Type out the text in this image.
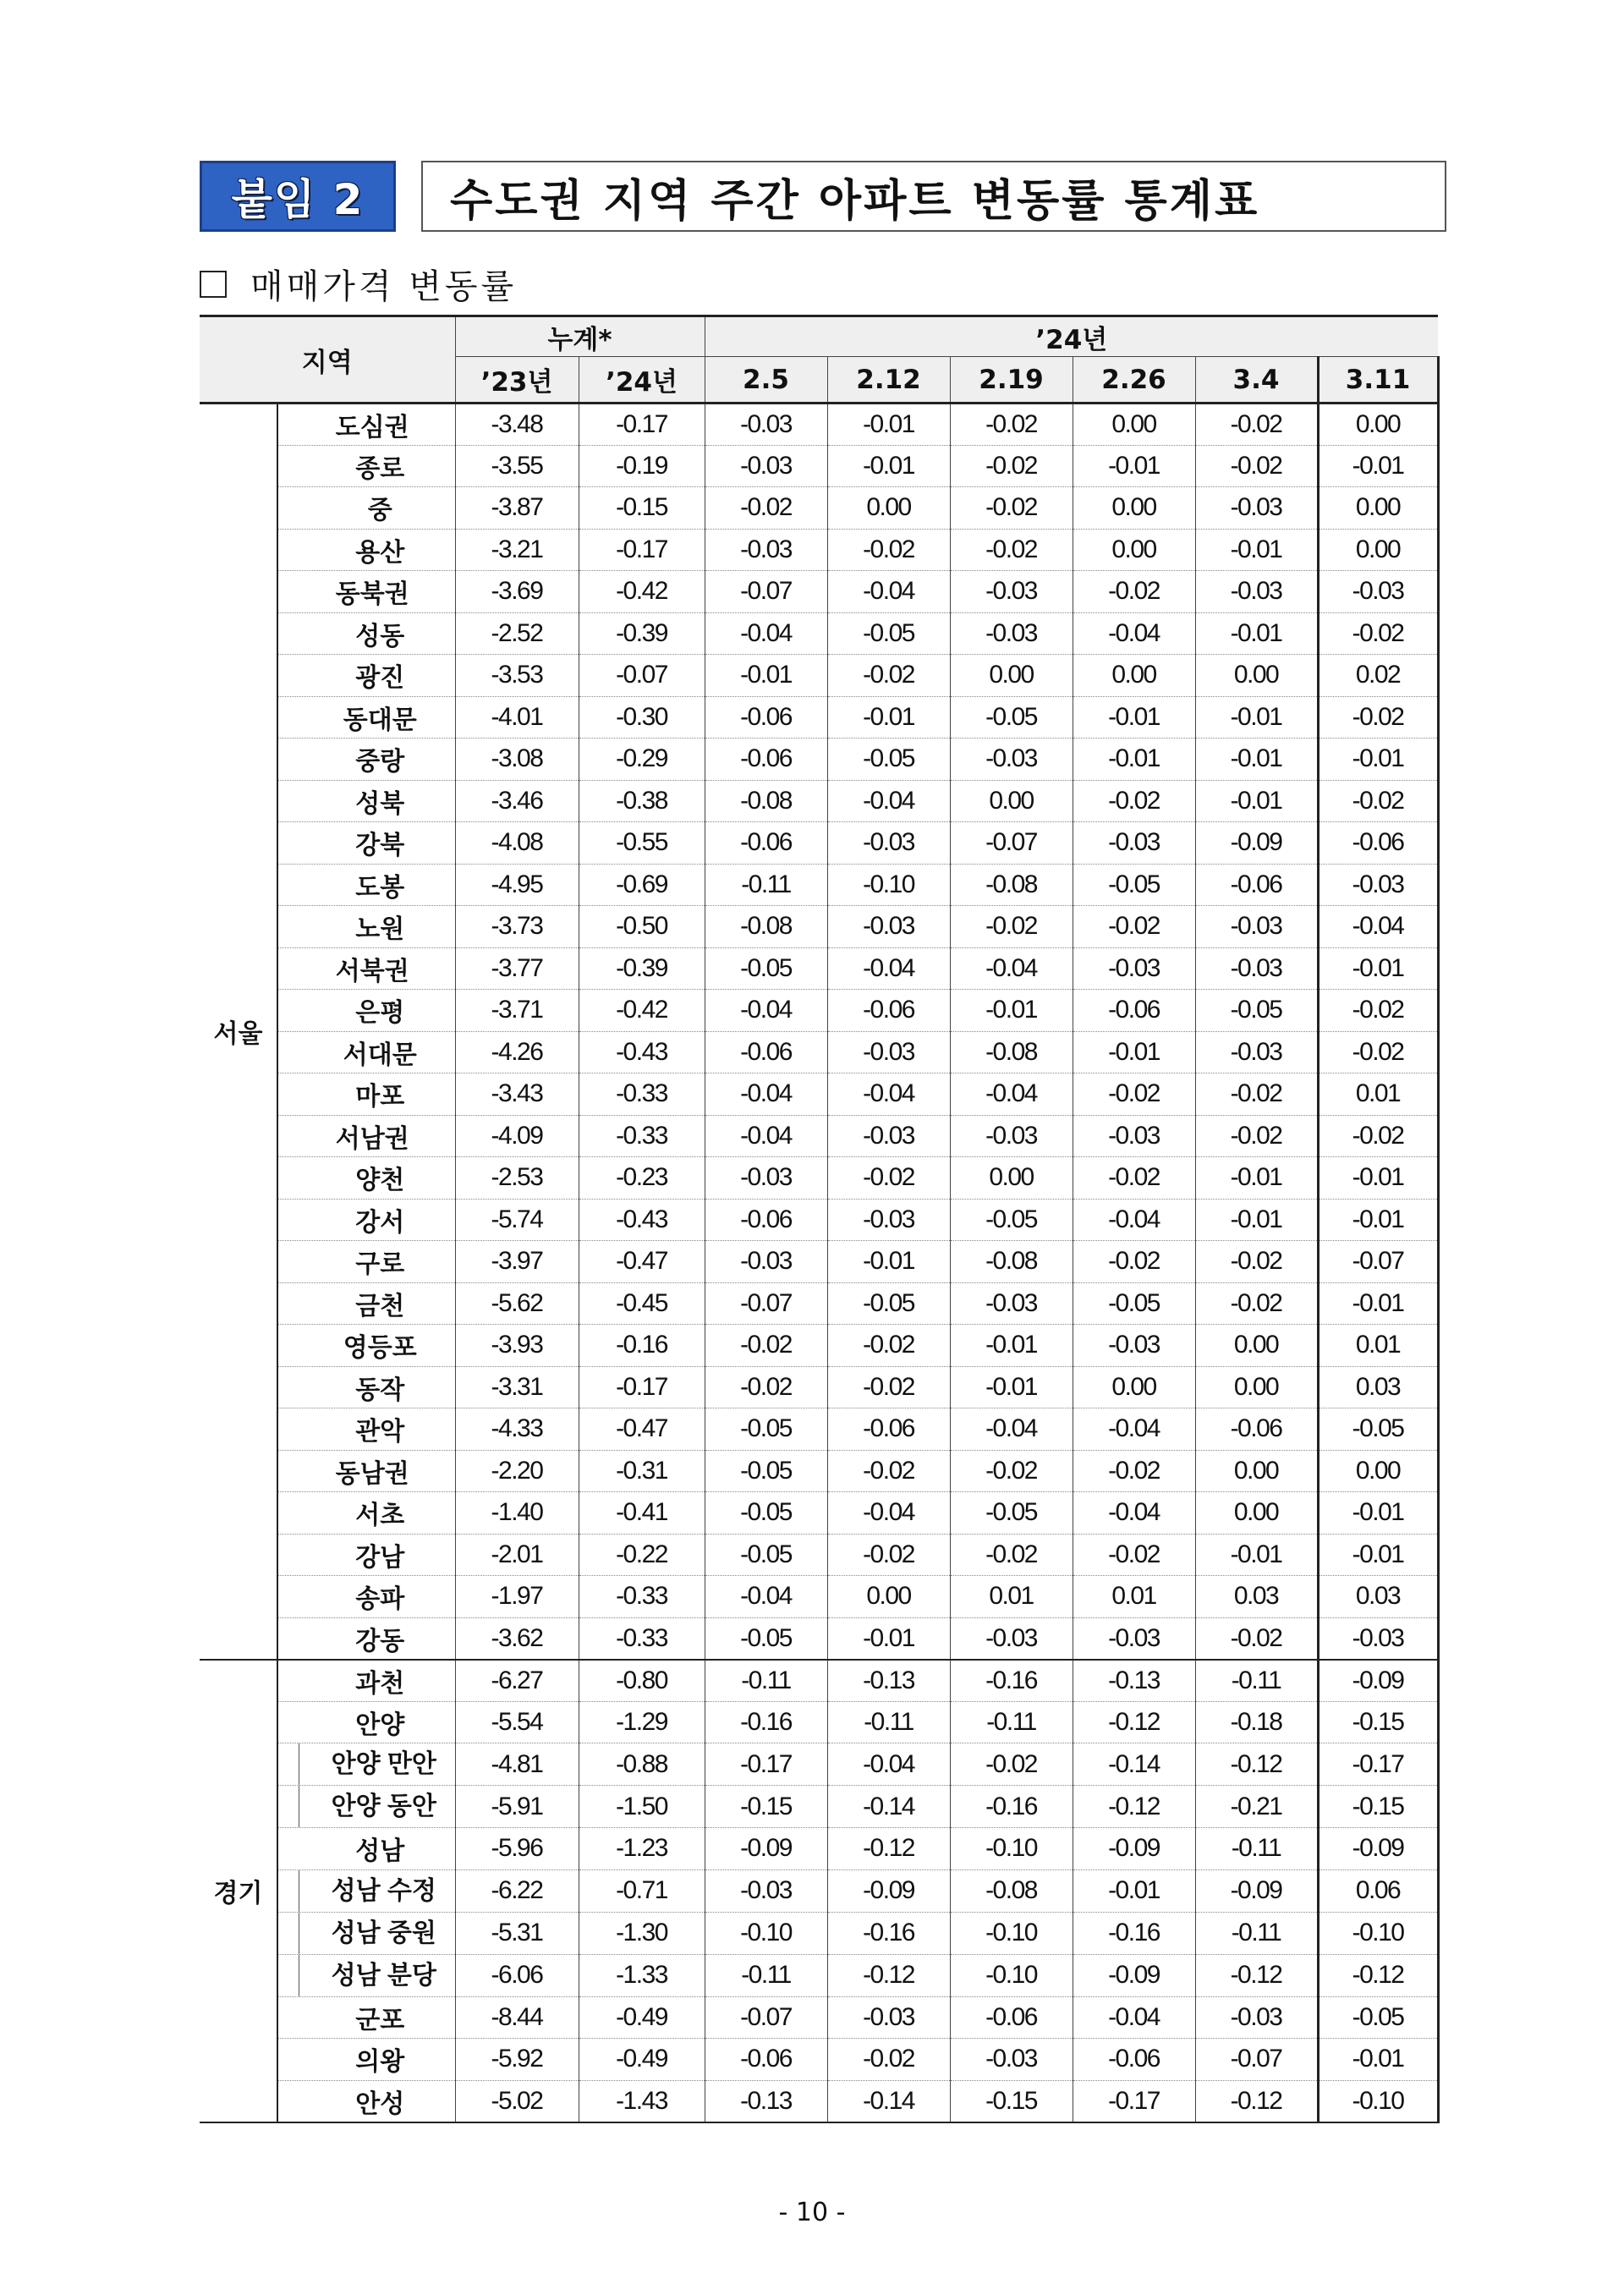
붙임 2 수도권 지역 주간 아파트 변동률 통계표
매매가격 변동률
지역		누계*		’24년					
		’23년	’24년	2.5	2.12	2.19	2.26	3.4	3.11
서울	도심권	-3.48	-0.17	-0.03	-0.01	-0.02	0.00	-0.02	0.00
	종로	-3.55	-0.19	-0.03	-0.01	-0.02	-0.01	-0.02	-0.01
	중	-3.87	-0.15	-0.02	0.00	-0.02	0.00	-0.03	0.00
	용산	-3.21	-0.17	-0.03	-0.02	-0.02	0.00	-0.01	0.00
	동북권	-3.69	-0.42	-0.07	-0.04	-0.03	-0.02	-0.03	-0.03
	성동	-2.52	-0.39	-0.04	-0.05	-0.03	-0.04	-0.01	-0.02
	광진	-3.53	-0.07	-0.01	-0.02	0.00	0.00	0.00	0.02
	동대문	-4.01	-0.30	-0.06	-0.01	-0.05	-0.01	-0.01	-0.02
	중랑	-3.08	-0.29	-0.06	-0.05	-0.03	-0.01	-0.01	-0.01
	성북	-3.46	-0.38	-0.08	-0.04	0.00	-0.02	-0.01	-0.02
	강북	-4.08	-0.55	-0.06	-0.03	-0.07	-0.03	-0.09	-0.06
	도봉	-4.95	-0.69	-0.11	-0.10	-0.08	-0.05	-0.06	-0.03
	노원	-3.73	-0.50	-0.08	-0.03	-0.02	-0.02	-0.03	-0.04
	서북권	-3.77	-0.39	-0.05	-0.04	-0.04	-0.03	-0.03	-0.01
	은평	-3.71	-0.42	-0.04	-0.06	-0.01	-0.06	-0.05	-0.02
	서대문	-4.26	-0.43	-0.06	-0.03	-0.08	-0.01	-0.03	-0.02
	마포	-3.43	-0.33	-0.04	-0.04	-0.04	-0.02	-0.02	0.01
	서남권	-4.09	-0.33	-0.04	-0.03	-0.03	-0.03	-0.02	-0.02
	양천	-2.53	-0.23	-0.03	-0.02	0.00	-0.02	-0.01	-0.01
	강서	-5.74	-0.43	-0.06	-0.03	-0.05	-0.04	-0.01	-0.01
	구로	-3.97	-0.47	-0.03	-0.01	-0.08	-0.02	-0.02	-0.07
	금천	-5.62	-0.45	-0.07	-0.05	-0.03	-0.05	-0.02	-0.01
	영등포	-3.93	-0.16	-0.02	-0.02	-0.01	-0.03	0.00	0.01
	동작	-3.31	-0.17	-0.02	-0.02	-0.01	0.00	0.00	0.03
	관악	-4.33	-0.47	-0.05	-0.06	-0.04	-0.04	-0.06	-0.05
	동남권	-2.20	-0.31	-0.05	-0.02	-0.02	-0.02	0.00	0.00
	서초	-1.40	-0.41	-0.05	-0.04	-0.05	-0.04	0.00	-0.01
	강남	-2.01	-0.22	-0.05	-0.02	-0.02	-0.02	-0.01	-0.01
	송파	-1.97	-0.33	-0.04	0.00	0.01	0.01	0.03	0.03
	강동	-3.62	-0.33	-0.05	-0.01	-0.03	-0.03	-0.02	-0.03
경기	과천	-6.27	-0.80	-0.11	-0.13	-0.16	-0.13	-0.11	-0.09
	안양	-5.54	-1.29	-0.16	-0.11	-0.11	-0.12	-0.18	-0.15

	안양 만안	-4.81	-0.88	-0.17	-0.04	-0.02	-0.14	-0.12	-0.17

	안양 동안	-5.91	-1.50	-0.15	-0.14	-0.16	-0.12	-0.21	-0.15
	성남	-5.96	-1.23	-0.09	-0.12	-0.10	-0.09	-0.11	-0.09

	성남 수정	-6.22	-0.71	-0.03	-0.09	-0.08	-0.01	-0.09	0.06

	성남 중원	-5.31	-1.30	-0.10	-0.16	-0.10	-0.16	-0.11	-0.10

	성남 분당	-6.06	-1.33	-0.11	-0.12	-0.10	-0.09	-0.12	-0.12
	군포	-8.44	-0.49	-0.07	-0.03	-0.06	-0.04	-0.03	-0.05
	의왕	-5.92	-0.49	-0.06	-0.02	-0.03	-0.06	-0.07	-0.01
	안성	-5.02	-1.43	-0.13	-0.14	-0.15	-0.17	-0.12	-0.10
- 10 -
